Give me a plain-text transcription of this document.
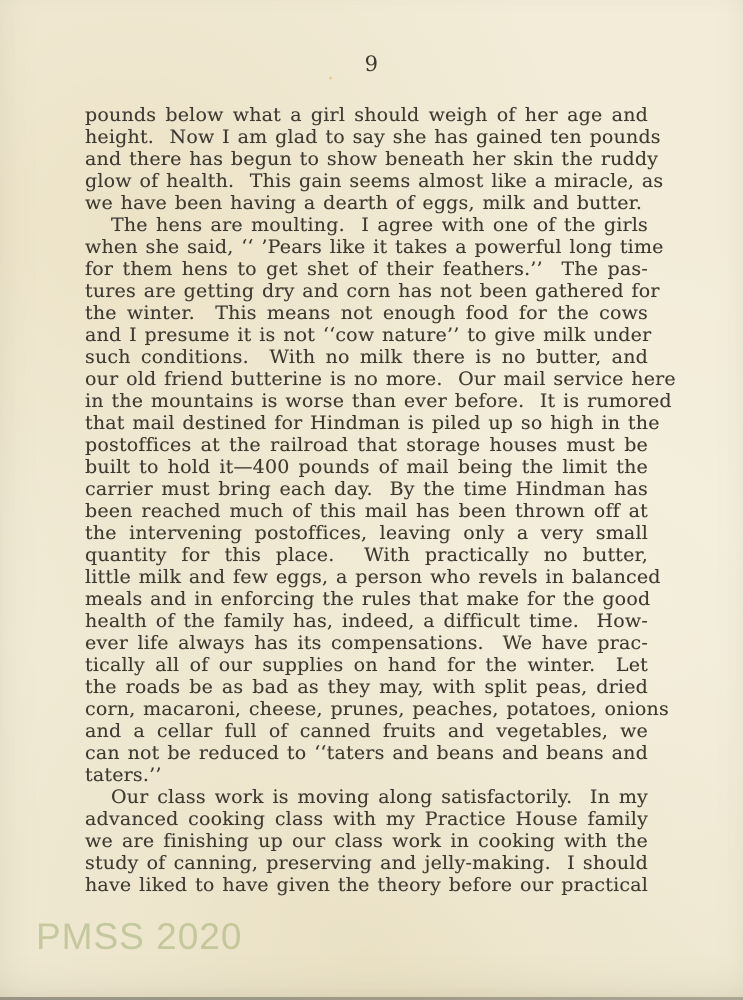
9
pounds below what a girl should weigh of her age and
height.  Now I am glad to say she has gained ten pounds
and there has begun to show beneath her skin the ruddy
glow of health.  This gain seems almost like a miracle, as
we have been having a dearth of eggs, milk and butter.
The hens are moulting.  I agree with one of the girls
when she said, ‘‘ ’Pears like it takes a powerful long time
for them hens to get shet of their feathers.’’  The pas-
tures are getting dry and corn has not been gathered for
the winter.  This means not enough food for the cows
and I presume it is not ‘‘cow nature’’ to give milk under
such conditions.  With no milk there is no butter, and
our old friend butterine is no more.  Our mail service here
in the mountains is worse than ever before.  It is rumored
that mail destined for Hindman is piled up so high in the
postoffices at the railroad that storage houses must be
built to hold it—400 pounds of mail being the limit the
carrier must bring each day.  By the time Hindman has
been reached much of this mail has been thrown off at
the intervening postoffices, leaving only a very small
quantity for this place.  With practically no butter,
little milk and few eggs, a person who revels in balanced
meals and in enforcing the rules that make for the good
health of the family has, indeed, a difficult time.  How-
ever life always has its compensations.  We have prac-
tically all of our supplies on hand for the winter.  Let
the roads be as bad as they may, with split peas, dried
corn, macaroni, cheese, prunes, peaches, potatoes, onions
and a cellar full of canned fruits and vegetables, we
can not be reduced to ‘‘taters and beans and beans and
taters.’’
Our class work is moving along satisfactorily.  In my
advanced cooking class with my Practice House family
we are finishing up our class work in cooking with the
study of canning, preserving and jelly-making.  I should
have liked to have given the theory before our practical
PMSS 2020
